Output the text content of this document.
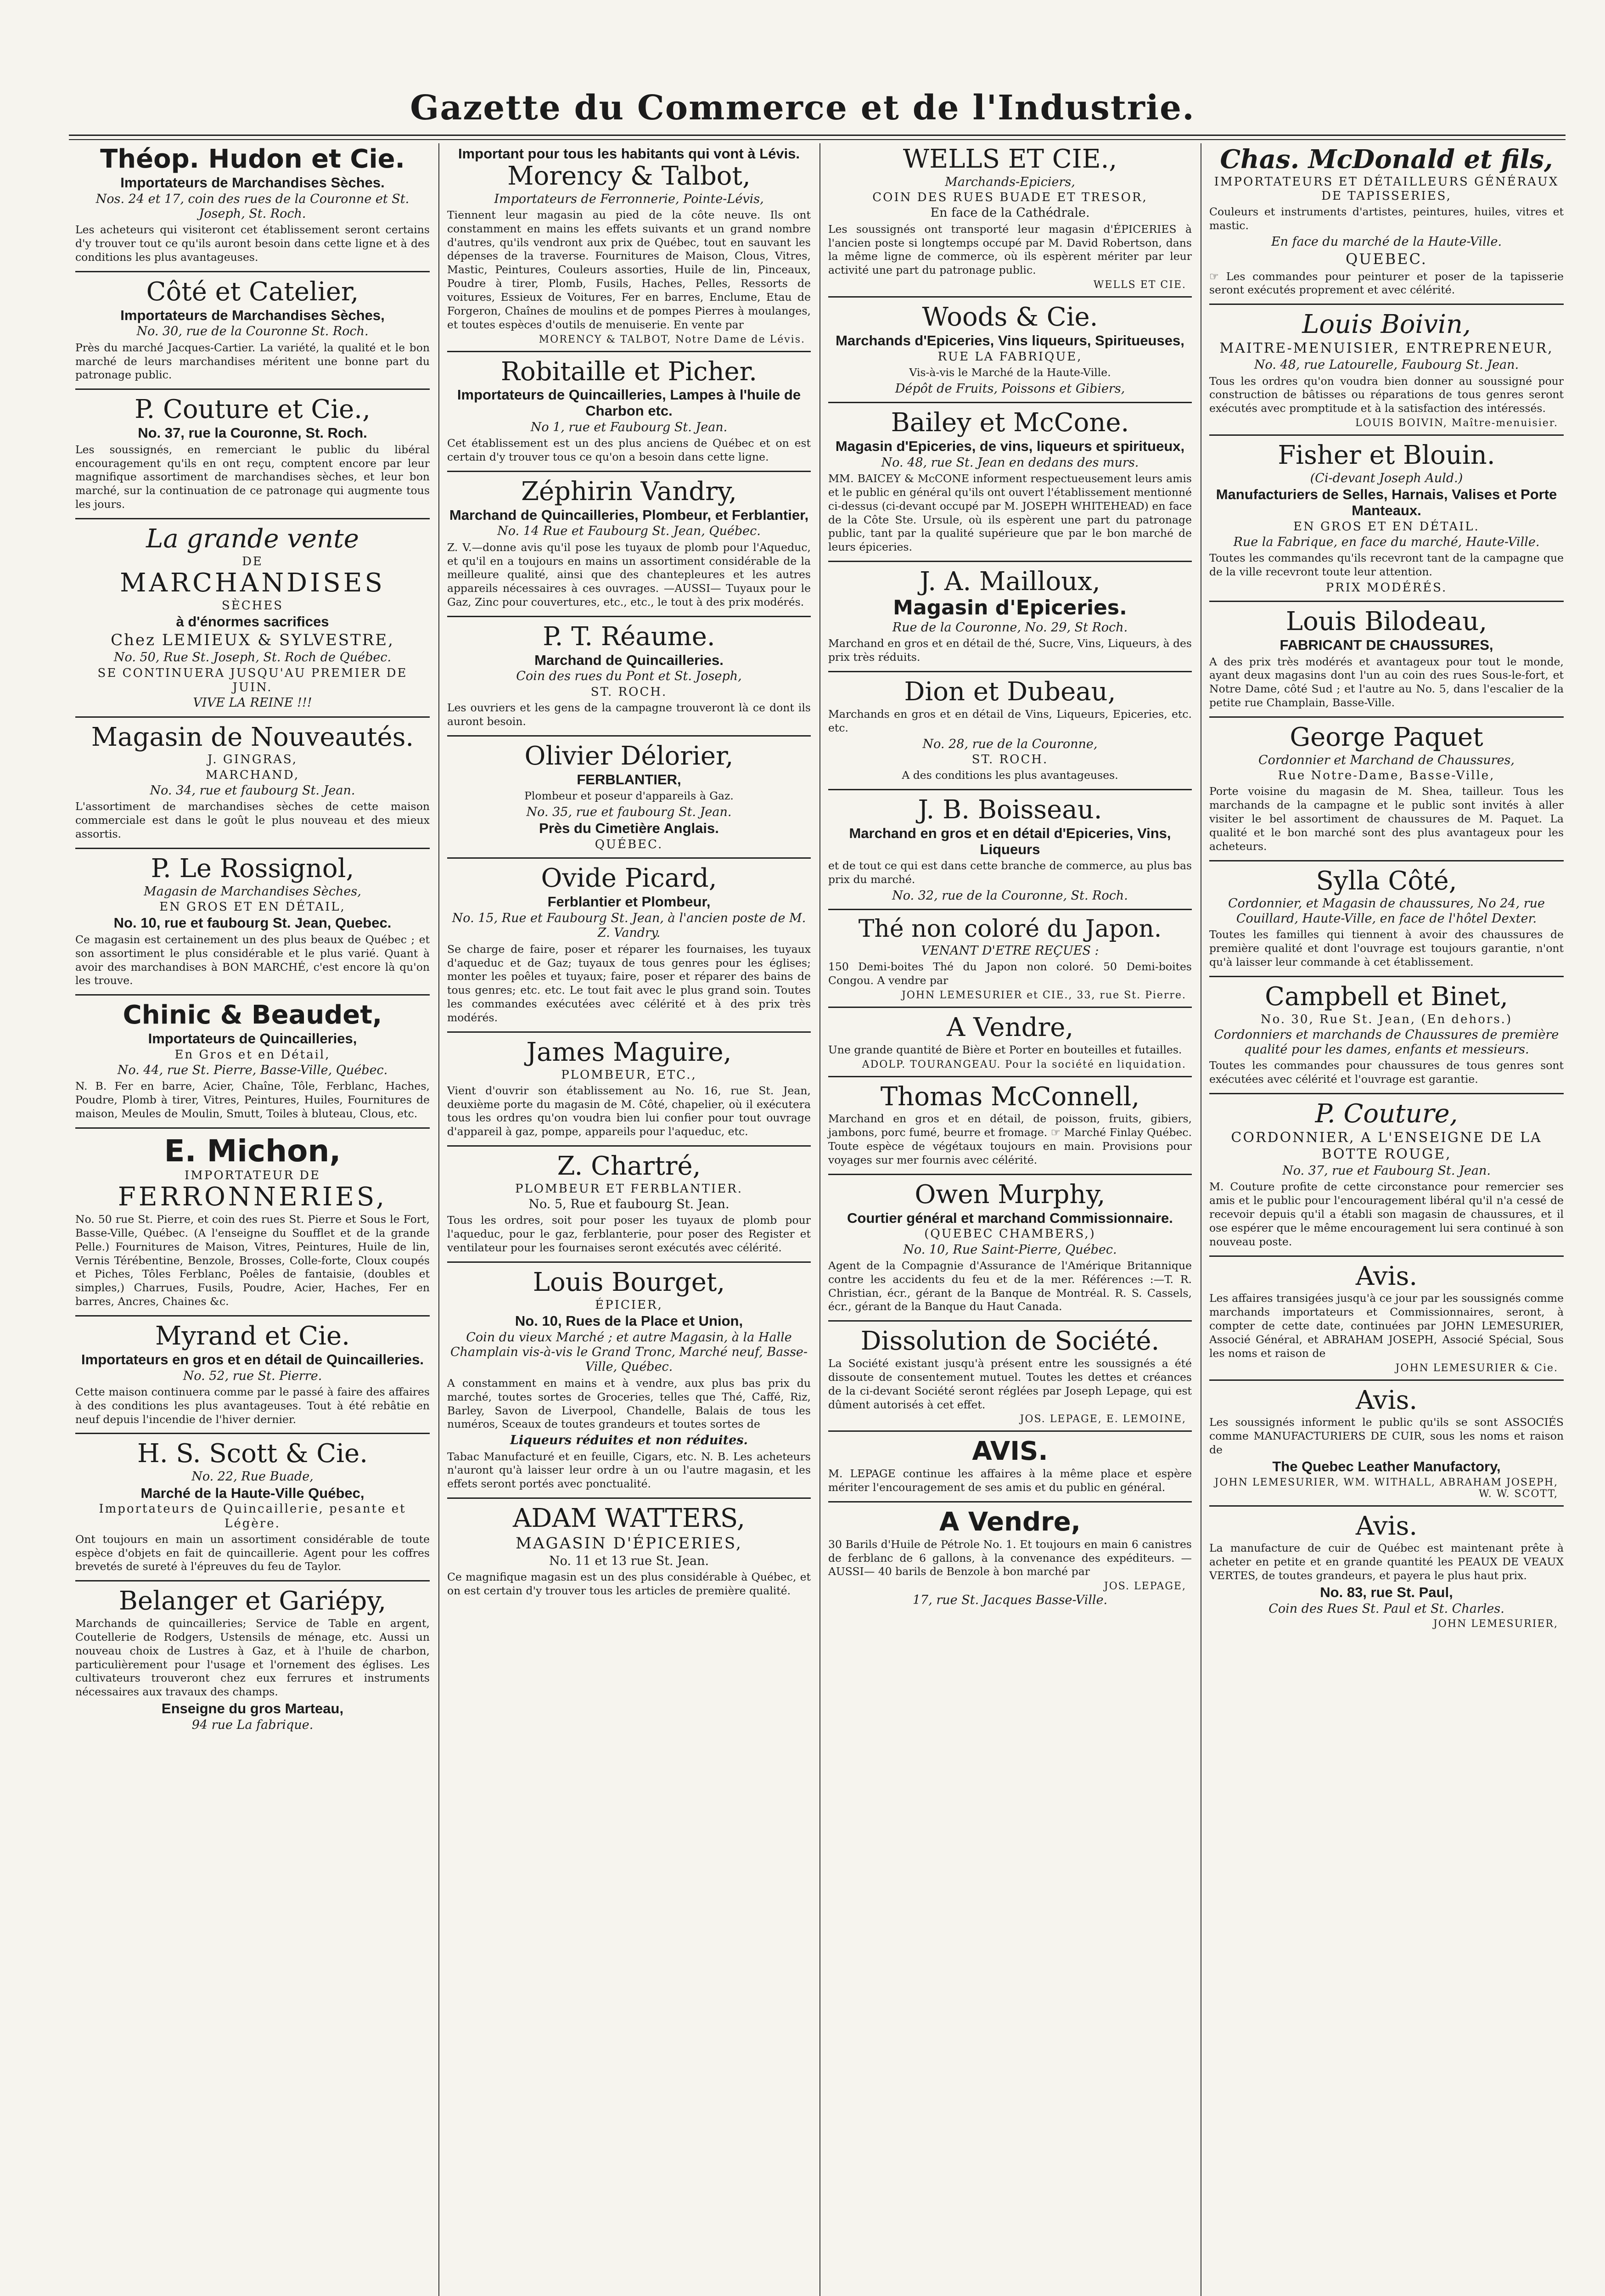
Gazette du Commerce et de l'Industrie.
Théop. Hudon et Cie.
Importateurs de Marchandises Sèches.
Nos. 24 et 17, coin des rues de la Couronne et St. Joseph, St. Roch.
Les acheteurs qui visiteront cet établissement seront certains d'y trouver tout ce qu'ils auront besoin dans cette ligne et à des conditions les plus avantageuses.
Côté et Catelier,
Importateurs de Marchandises Sèches,
No. 30, rue de la Couronne St. Roch.
Près du marché Jacques-Cartier. La variété, la qualité et le bon marché de leurs marchandises méritent une bonne part du patronage public.
P. Couture et Cie.,
No. 37, rue la Couronne, St. Roch.
Les soussignés, en remerciant le public du libéral encouragement qu'ils en ont reçu, comptent encore par leur magnifique assortiment de marchandises sèches, et leur bon marché, sur la continuation de ce patronage qui augmente tous les jours.
La grande vente
DE
MARCHANDISES
SÈCHES
à d'énormes sacrifices
Chez LEMIEUX & SYLVESTRE,
No. 50, Rue St. Joseph, St. Roch de Québec.
SE CONTINUERA JUSQU'AU PREMIER DE JUIN.
VIVE LA REINE !!!
Magasin de Nouveautés.
J. GINGRAS,
MARCHAND,
No. 34, rue et faubourg St. Jean.
L'assortiment de marchandises sèches de cette maison commerciale est dans le goût le plus nouveau et des mieux assortis.
P. Le Rossignol,
Magasin de Marchandises Sèches,
EN GROS ET EN DÉTAIL,
No. 10, rue et faubourg St. Jean, Quebec.
Ce magasin est certainement un des plus beaux de Québec ; et son assortiment le plus considérable et le plus varié. Quant à avoir des marchandises à BON MARCHÉ, c'est encore là qu'on les trouve.
Chinic & Beaudet,
Importateurs de Quincailleries,
En Gros et en Détail,
No. 44, rue St. Pierre, Basse-Ville, Québec.
N. B. Fer en barre, Acier, Chaîne, Tôle, Ferblanc, Haches, Poudre, Plomb à tirer, Vitres, Peintures, Huiles, Fournitures de maison, Meules de Moulin, Smutt, Toiles à bluteau, Clous, etc.
E. Michon,
IMPORTATEUR DE
FERRONNERIES,
No. 50 rue St. Pierre, et coin des rues St. Pierre et Sous le Fort, Basse-Ville, Québec. (A l'enseigne du Soufflet et de la grande Pelle.) Fournitures de Maison, Vitres, Peintures, Huile de lin, Vernis Térébentine, Benzole, Brosses, Colle-forte, Cloux coupés et Piches, Tôles Ferblanc, Poêles de fantaisie, (doubles et simples,) Charrues, Fusils, Poudre, Acier, Haches, Fer en barres, Ancres, Chaines &c.
Myrand et Cie.
Importateurs en gros et en détail de Quincailleries.
No. 52, rue St. Pierre.
Cette maison continuera comme par le passé à faire des affaires à des conditions les plus avantageuses. Tout à été rebâtie en neuf depuis l'incendie de l'hiver dernier.
H. S. Scott & Cie.
No. 22, Rue Buade,
Marché de la Haute-Ville Québec,
Importateurs de Quincaillerie, pesante et Légère.
Ont toujours en main un assortiment considérable de toute espèce d'objets en fait de quincaillerie. Agent pour les coffres brevetés de sureté à l'épreuves du feu de Taylor.
Belanger et Gariépy,
Marchands de quincailleries; Service de Table en argent, Coutellerie de Rodgers, Ustensils de ménage, etc. Aussi un nouveau choix de Lustres à Gaz, et à l'huile de charbon, particulièrement pour l'usage et l'ornement des églises. Les cultivateurs trouveront chez eux ferrures et instruments nécessaires aux travaux des champs.
Enseigne du gros Marteau,
94 rue La fabrique.
Important pour tous les habitants qui vont à Lévis.
Morency & Talbot,
Importateurs de Ferronnerie, Pointe-Lévis,
Tiennent leur magasin au pied de la côte neuve. Ils ont constamment en mains les effets suivants et un grand nombre d'autres, qu'ils vendront aux prix de Québec, tout en sauvant les dépenses de la traverse. Fournitures de Maison, Clous, Vitres, Mastic, Peintures, Couleurs assorties, Huile de lin, Pinceaux, Poudre à tirer, Plomb, Fusils, Haches, Pelles, Ressorts de voitures, Essieux de Voitures, Fer en barres, Enclume, Etau de Forgeron, Chaînes de moulins et de pompes Pierres à moulanges, et toutes espèces d'outils de menuiserie. En vente par
MORENCY & TALBOT, Notre Dame de Lévis.
Robitaille et Picher.
Importateurs de Quincailleries, Lampes à l'huile de Charbon etc.
No 1, rue et Faubourg St. Jean.
Cet établissement est un des plus anciens de Québec et on est certain d'y trouver tous ce qu'on a besoin dans cette ligne.
Zéphirin Vandry,
Marchand de Quincailleries, Plombeur, et Ferblantier,
No. 14 Rue et Faubourg St. Jean, Québec.
Z. V.—donne avis qu'il pose les tuyaux de plomb pour l'Aqueduc, et qu'il en a toujours en mains un assortiment considérable de la meilleure qualité, ainsi que des chantepleures et les autres appareils nécessaires à ces ouvrages. —AUSSI— Tuyaux pour le Gaz, Zinc pour couvertures, etc., etc., le tout à des prix modérés.
P. T. Réaume.
Marchand de Quincailleries.
Coin des rues du Pont et St. Joseph,
ST. ROCH.
Les ouvriers et les gens de la campagne trouveront là ce dont ils auront besoin.
Olivier Délorier,
FERBLANTIER,
Plombeur et poseur d'appareils à Gaz.
No. 35, rue et faubourg St. Jean.
Près du Cimetière Anglais.
QUÉBEC.
Ovide Picard,
Ferblantier et Plombeur,
No. 15, Rue et Faubourg St. Jean, à l'ancien poste de M. Z. Vandry.
Se charge de faire, poser et réparer les fournaises, les tuyaux d'aqueduc et de Gaz; tuyaux de tous genres pour les églises; monter les poêles et tuyaux; faire, poser et réparer des bains de tous genres; etc. etc. Le tout fait avec le plus grand soin. Toutes les commandes exécutées avec célérité et à des prix très modérés.
James Maguire,
PLOMBEUR, ETC.,
Vient d'ouvrir son établissement au No. 16, rue St. Jean, deuxième porte du magasin de M. Côté, chapelier, où il exécutera tous les ordres qu'on voudra bien lui confier pour tout ouvrage d'appareil à gaz, pompe, appareils pour l'aqueduc, etc.
Z. Chartré,
PLOMBEUR ET FERBLANTIER.
No. 5, Rue et faubourg St. Jean.
Tous les ordres, soit pour poser les tuyaux de plomb pour l'aqueduc, pour le gaz, ferblanterie, pour poser des Register et ventilateur pour les fournaises seront exécutés avec célérité.
Louis Bourget,
ÉPICIER,
No. 10, Rues de la Place et Union,
Coin du vieux Marché ; et autre Magasin, à la Halle Champlain vis-à-vis le Grand Tronc, Marché neuf, Basse-Ville, Québec.
A constamment en mains et à vendre, aux plus bas prix du marché, toutes sortes de Groceries, telles que Thé, Caffé, Riz, Barley, Savon de Liverpool, Chandelle, Balais de tous les numéros, Sceaux de toutes grandeurs et toutes sortes de
Liqueurs réduites et non réduites.
Tabac Manufacturé et en feuille, Cigars, etc. N. B. Les acheteurs n'auront qu'à laisser leur ordre à un ou l'autre magasin, et les effets seront portés avec ponctualité.
ADAM WATTERS,
MAGASIN D'ÉPICERIES,
No. 11 et 13 rue St. Jean.
Ce magnifique magasin est un des plus considérable à Québec, et on est certain d'y trouver tous les articles de première qualité.
WELLS ET CIE.,
Marchands-Epiciers,
COIN DES RUES BUADE ET TRESOR,
En face de la Cathédrale.
Les soussignés ont transporté leur magasin d'ÉPICERIES à l'ancien poste si longtemps occupé par M. David Robertson, dans la même ligne de commerce, où ils espèrent mériter par leur activité une part du patronage public.
WELLS ET CIE.
Woods & Cie.
Marchands d'Epiceries, Vins liqueurs, Spiritueuses,
RUE LA FABRIQUE,
Vis-à-vis le Marché de la Haute-Ville.
Dépôt de Fruits, Poissons et Gibiers,
Bailey et McCone.
Magasin d'Epiceries, de vins, liqueurs et spiritueux,
No. 48, rue St. Jean en dedans des murs.
MM. BAICEY & McCONE informent respectueusement leurs amis et le public en général qu'ils ont ouvert l'établissement mentionné ci-dessus (ci-devant occupé par M. JOSEPH WHITEHEAD) en face de la Côte Ste. Ursule, où ils espèrent une part du patronage public, tant par la qualité supérieure que par le bon marché de leurs épiceries.
J. A. Mailloux,
Magasin d'Epiceries.
Rue de la Couronne, No. 29, St Roch.
Marchand en gros et en détail de thé, Sucre, Vins, Liqueurs, à des prix très réduits.
Dion et Dubeau,
Marchands en gros et en détail de Vins, Liqueurs, Epiceries, etc. etc.
No. 28, rue de la Couronne,
ST. ROCH.
A des conditions les plus avantageuses.
J. B. Boisseau.
Marchand en gros et en détail d'Epiceries, Vins, Liqueurs
et de tout ce qui est dans cette branche de commerce, au plus bas prix du marché.
No. 32, rue de la Couronne, St. Roch.
Thé non coloré du Japon.
VENANT D'ETRE REÇUES :
150 Demi-boites Thé du Japon non coloré. 50 Demi-boites Congou. A vendre par
JOHN LEMESURIER et CIE., 33, rue St. Pierre.
A Vendre,
Une grande quantité de Bière et Porter en bouteilles et futailles.
ADOLP. TOURANGEAU. Pour la société en liquidation.
Thomas McConnell,
Marchand en gros et en détail, de poisson, fruits, gibiers, jambons, porc fumé, beurre et fromage. ☞ Marché Finlay Québec. Toute espèce de végétaux toujours en main. Provisions pour voyages sur mer fournis avec célérité.
Owen Murphy,
Courtier général et marchand Commissionnaire.
(QUEBEC CHAMBERS,)
No. 10, Rue Saint-Pierre, Québec.
Agent de la Compagnie d'Assurance de l'Amérique Britannique contre les accidents du feu et de la mer. Références :—T. R. Christian, écr., gérant de la Banque de Montréal. R. S. Cassels, écr., gérant de la Banque du Haut Canada.
Dissolution de Société.
La Société existant jusqu'à présent entre les soussignés a été dissoute de consentement mutuel. Toutes les dettes et créances de la ci-devant Société seront réglées par Joseph Lepage, qui est dûment autorisés à cet effet.
JOS. LEPAGE, E. LEMOINE,
AVIS.
M. LEPAGE continue les affaires à la même place et espère mériter l'encouragement de ses amis et du public en général.
A Vendre,
30 Barils d'Huile de Pétrole No. 1. Et toujours en main 6 canistres de ferblanc de 6 gallons, à la convenance des expéditeurs. —AUSSI— 40 barils de Benzole à bon marché par
JOS. LEPAGE,
17, rue St. Jacques Basse-Ville.
Chas. McDonald et fils,
IMPORTATEURS ET DÉTAILLEURS GÉNÉRAUX DE TAPISSERIES,
Couleurs et instruments d'artistes, peintures, huiles, vitres et mastic.
En face du marché de la Haute-Ville.
QUEBEC.
☞ Les commandes pour peinturer et poser de la tapisserie seront exécutés proprement et avec célérité.
Louis Boivin,
MAITRE-MENUISIER, ENTREPRENEUR,
No. 48, rue Latourelle, Faubourg St. Jean.
Tous les ordres qu'on voudra bien donner au soussigné pour construction de bâtisses ou réparations de tous genres seront exécutés avec promptitude et à la satisfaction des intéressés.
LOUIS BOIVIN, Maître-menuisier.
Fisher et Blouin.
(Ci-devant Joseph Auld.)
Manufacturiers de Selles, Harnais, Valises et Porte Manteaux.
EN GROS ET EN DÉTAIL.
Rue la Fabrique, en face du marché, Haute-Ville.
Toutes les commandes qu'ils recevront tant de la campagne que de la ville recevront toute leur attention.
PRIX MODÉRÉS.
Louis Bilodeau,
FABRICANT DE CHAUSSURES,
A des prix très modérés et avantageux pour tout le monde, ayant deux magasins dont l'un au coin des rues Sous-le-fort, et Notre Dame, côté Sud ; et l'autre au No. 5, dans l'escalier de la petite rue Champlain, Basse-Ville.
George Paquet
Cordonnier et Marchand de Chaussures,
Rue Notre-Dame, Basse-Ville,
Porte voisine du magasin de M. Shea, tailleur. Tous les marchands de la campagne et le public sont invités à aller visiter le bel assortiment de chaussures de M. Paquet. La qualité et le bon marché sont des plus avantageux pour les acheteurs.
Sylla Côté,
Cordonnier, et Magasin de chaussures, No 24, rue Couillard, Haute-Ville, en face de l'hôtel Dexter.
Toutes les familles qui tiennent à avoir des chaussures de première qualité et dont l'ouvrage est toujours garantie, n'ont qu'à laisser leur commande à cet établissement.
Campbell et Binet,
No. 30, Rue St. Jean, (En dehors.)
Cordonniers et marchands de Chaussures de première qualité pour les dames, enfants et messieurs.
Toutes les commandes pour chaussures de tous genres sont exécutées avec célérité et l'ouvrage est garantie.
P. Couture,
CORDONNIER, A L'ENSEIGNE DE LA BOTTE ROUGE,
No. 37, rue et Faubourg St. Jean.
M. Couture profite de cette circonstance pour remercier ses amis et le public pour l'encouragement libéral qu'il n'a cessé de recevoir depuis qu'il a établi son magasin de chaussures, et il ose espérer que le même encouragement lui sera continué à son nouveau poste.
Avis.
Les affaires transigées jusqu'à ce jour par les soussignés comme marchands importateurs et Commissionnaires, seront, à compter de cette date, continuées par JOHN LEMESURIER, Associé Général, et ABRAHAM JOSEPH, Associé Spécial, Sous les noms et raison de
JOHN LEMESURIER & Cie.
Avis.
Les soussignés informent le public qu'ils se sont ASSOCIÉS comme MANUFACTURIERS DE CUIR, sous les noms et raison de
The Quebec Leather Manufactory,
JOHN LEMESURIER, WM. WITHALL, ABRAHAM JOSEPH, W. W. SCOTT,
Avis.
La manufacture de cuir de Québec est maintenant prête à acheter en petite et en grande quantité les PEAUX DE VEAUX VERTES, de toutes grandeurs, et payera le plus haut prix.
No. 83, rue St. Paul,
Coin des Rues St. Paul et St. Charles.
JOHN LEMESURIER,
